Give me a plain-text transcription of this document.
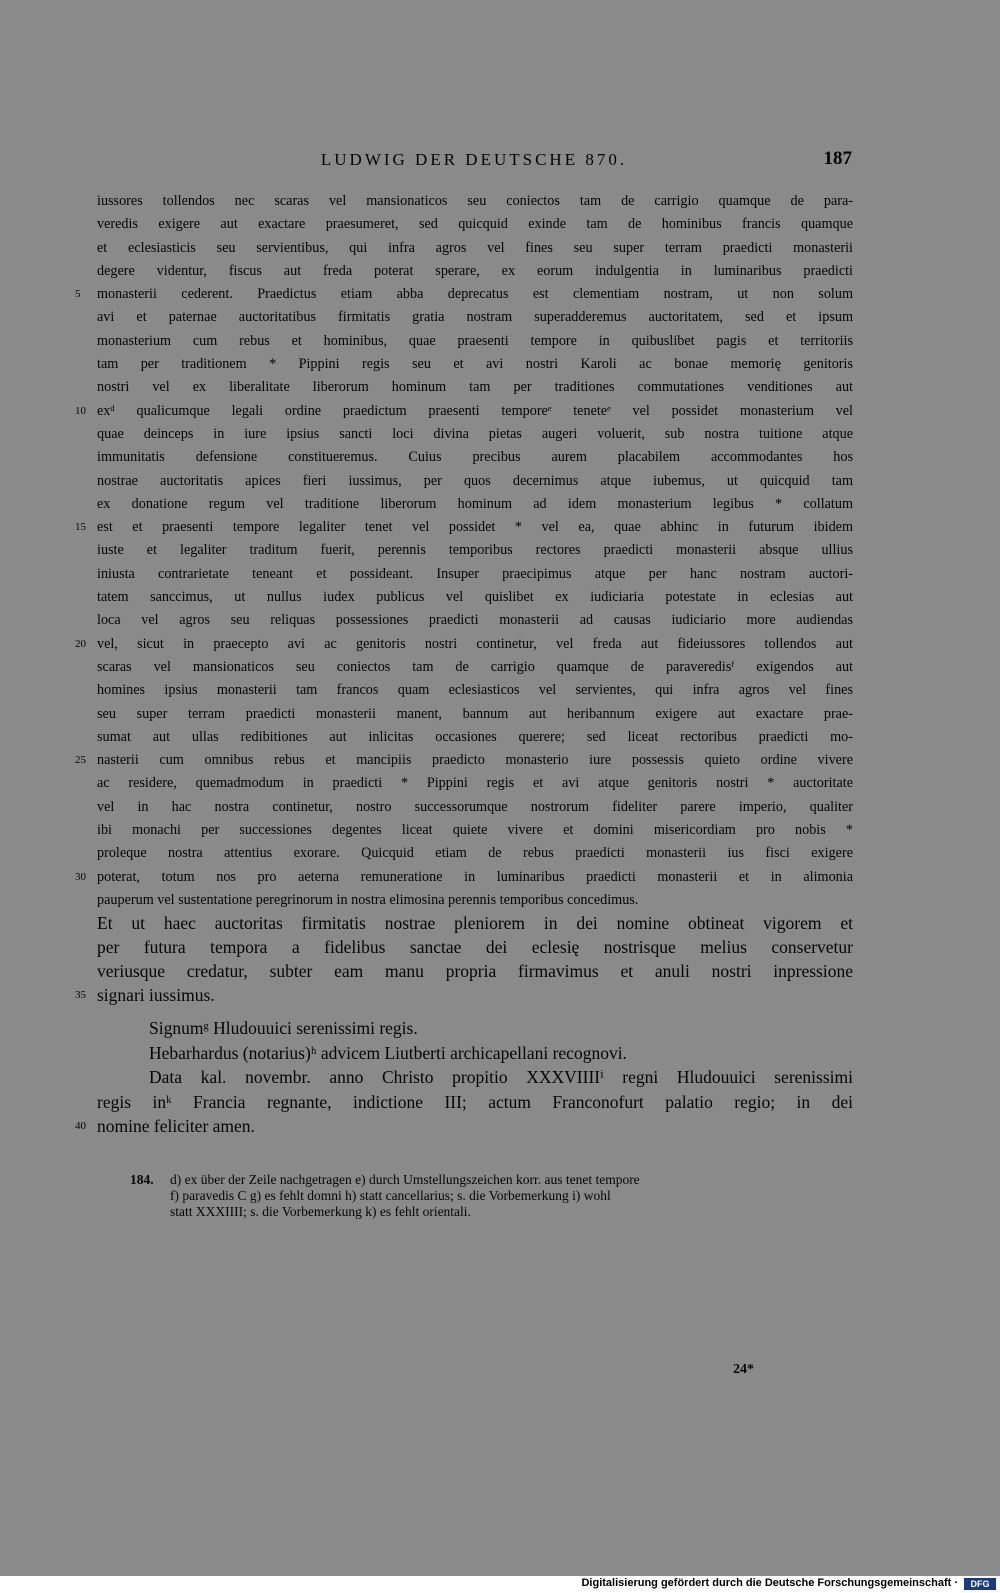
LUDWIG DER DEUTSCHE 870.	187
iussores tollendos nec scaras vel mansionaticos seu coniectos tam de carrigio quamque de para-
veredis exigere aut exactare praesumeret, sed quicquid exinde tam de hominibus francis quamque
et eclesiasticis seu servientibus, qui infra agros vel fines seu super terram praedicti monasterii
degere videntur, fiscus aut freda poterat sperare, ex eorum indulgentia in luminaribus praedicti
5	monasterii cederent. Praedictus etiam abba deprecatus est clementiam nostram, ut non solum
avi et paternae auctoritatibus firmitatis gratia nostram superadderemus auctoritatem, sed et ipsum
monasterium cum rebus et hominibus, quae praesenti tempore in quibuslibet pagis et territoriis
tam per traditionem * Pippini regis seu et avi nostri Karoli ac bonae memorię genitoris
nostri vel ex liberalitate liberorum hominum tam per traditiones commutationes venditiones aut
10 exᵈ qualicumque legali ordine praedictum praesenti temporeᵉ teneteᵉ vel possidet monasterium vel
quae deinceps in iure ipsius sancti loci divina pietas augeri voluerit, sub nostra tuitione atque
immunitatis defensione constitueremus. Cuius precibus aurem placabilem accommodantes hos
nostrae auctoritatis apices fieri iussimus, per quos decernimus atque iubemus, ut quicquid tam
ex donatione regum vel traditione liberorum hominum ad idem monasterium legibus * collatum
15 est et praesenti tempore legaliter tenet vel possidet * vel ea, quae abhinc in futurum ibidem
iuste et legaliter traditum fuerit, perennis temporibus rectores praedicti monasterii absque ullius
iniusta contrarietate teneant et possideant. Insuper praecipimus atque per hanc nostram auctori-
tatem sanccimus, ut nullus iudex publicus vel quislibet ex iudiciaria potestate in eclesias aut
loca vel agros seu reliquas possessiones praedicti monasterii ad causas iudiciario more audiendas
20 vel, sicut in praecepto avi ac genitoris nostri continetur, vel freda aut fideiussores tollendos aut
scaras vel mansionaticos seu coniectos tam de carrigio quamque de paraveredisᶠ exigendos aut
homines ipsius monasterii tam francos quam eclesiasticos vel servientes, qui infra agros vel fines
seu super terram praedicti monasterii manent, bannum aut heribannum exigere aut exactare prae-
sumat aut ullas redibitiones aut inlicitas occasiones querere; sed liceat rectoribus praedicti mo-
25 nasterii cum omnibus rebus et mancipiis praedicto monasterio iure possessis quieto ordine vivere
ac residere, quemadmodum in praedicti * Pippini regis et avi atque genitoris nostri * auctoritate
vel in hac nostra continetur, nostro successorumque nostrorum fideliter parere imperio, qualiter
ibi monachi per successiones degentes liceat quiete vivere et domini misericordiam pro nobis *
proleque nostra attentius exorare. Quicquid etiam de rebus praedicti monasterii ius fisci exigere
30 poterat, totum nos pro aeterna remuneratione in luminaribus praedicti monasterii et in alimonia
pauperum vel sustentatione peregrinorum in nostra elimosina perennis temporibus concedimus.
Et ut haec auctoritas firmitatis nostrae pleniorem in dei nomine obtineat vigorem et
per futura tempora a fidelibus sanctae dei eclesię nostrisque melius conservetur
veriusque credatur, subter eam manu propria firmavimus et anuli nostri inpressione
35 signari iussimus.
Signumᵍ Hludouuici serenissimi regis.
Hebarhardus (notarius)ʰ advicem Liutberti archicapellani recognovi.
Data kal. novembr. anno Christo propitio XXXVIIIIⁱ regni Hludouuici serenissimi
regis inᵏ Francia regnante, indictione III; actum Franconofurt palatio regio; in dei
40 nomine feliciter amen.
184. d) ex über der Zeile nachgetragen e) durch Umstellungszeichen korr. aus tenet tempore
f) paravedis C g) es fehlt domni h) statt cancellarius; s. die Vorbemerkung i) wohl
statt XXXIIII; s. die Vorbemerkung k) es fehlt orientali.
24*
Digitalisierung gefördert durch die Deutsche Forschungsgemeinschaft ·	DFG
